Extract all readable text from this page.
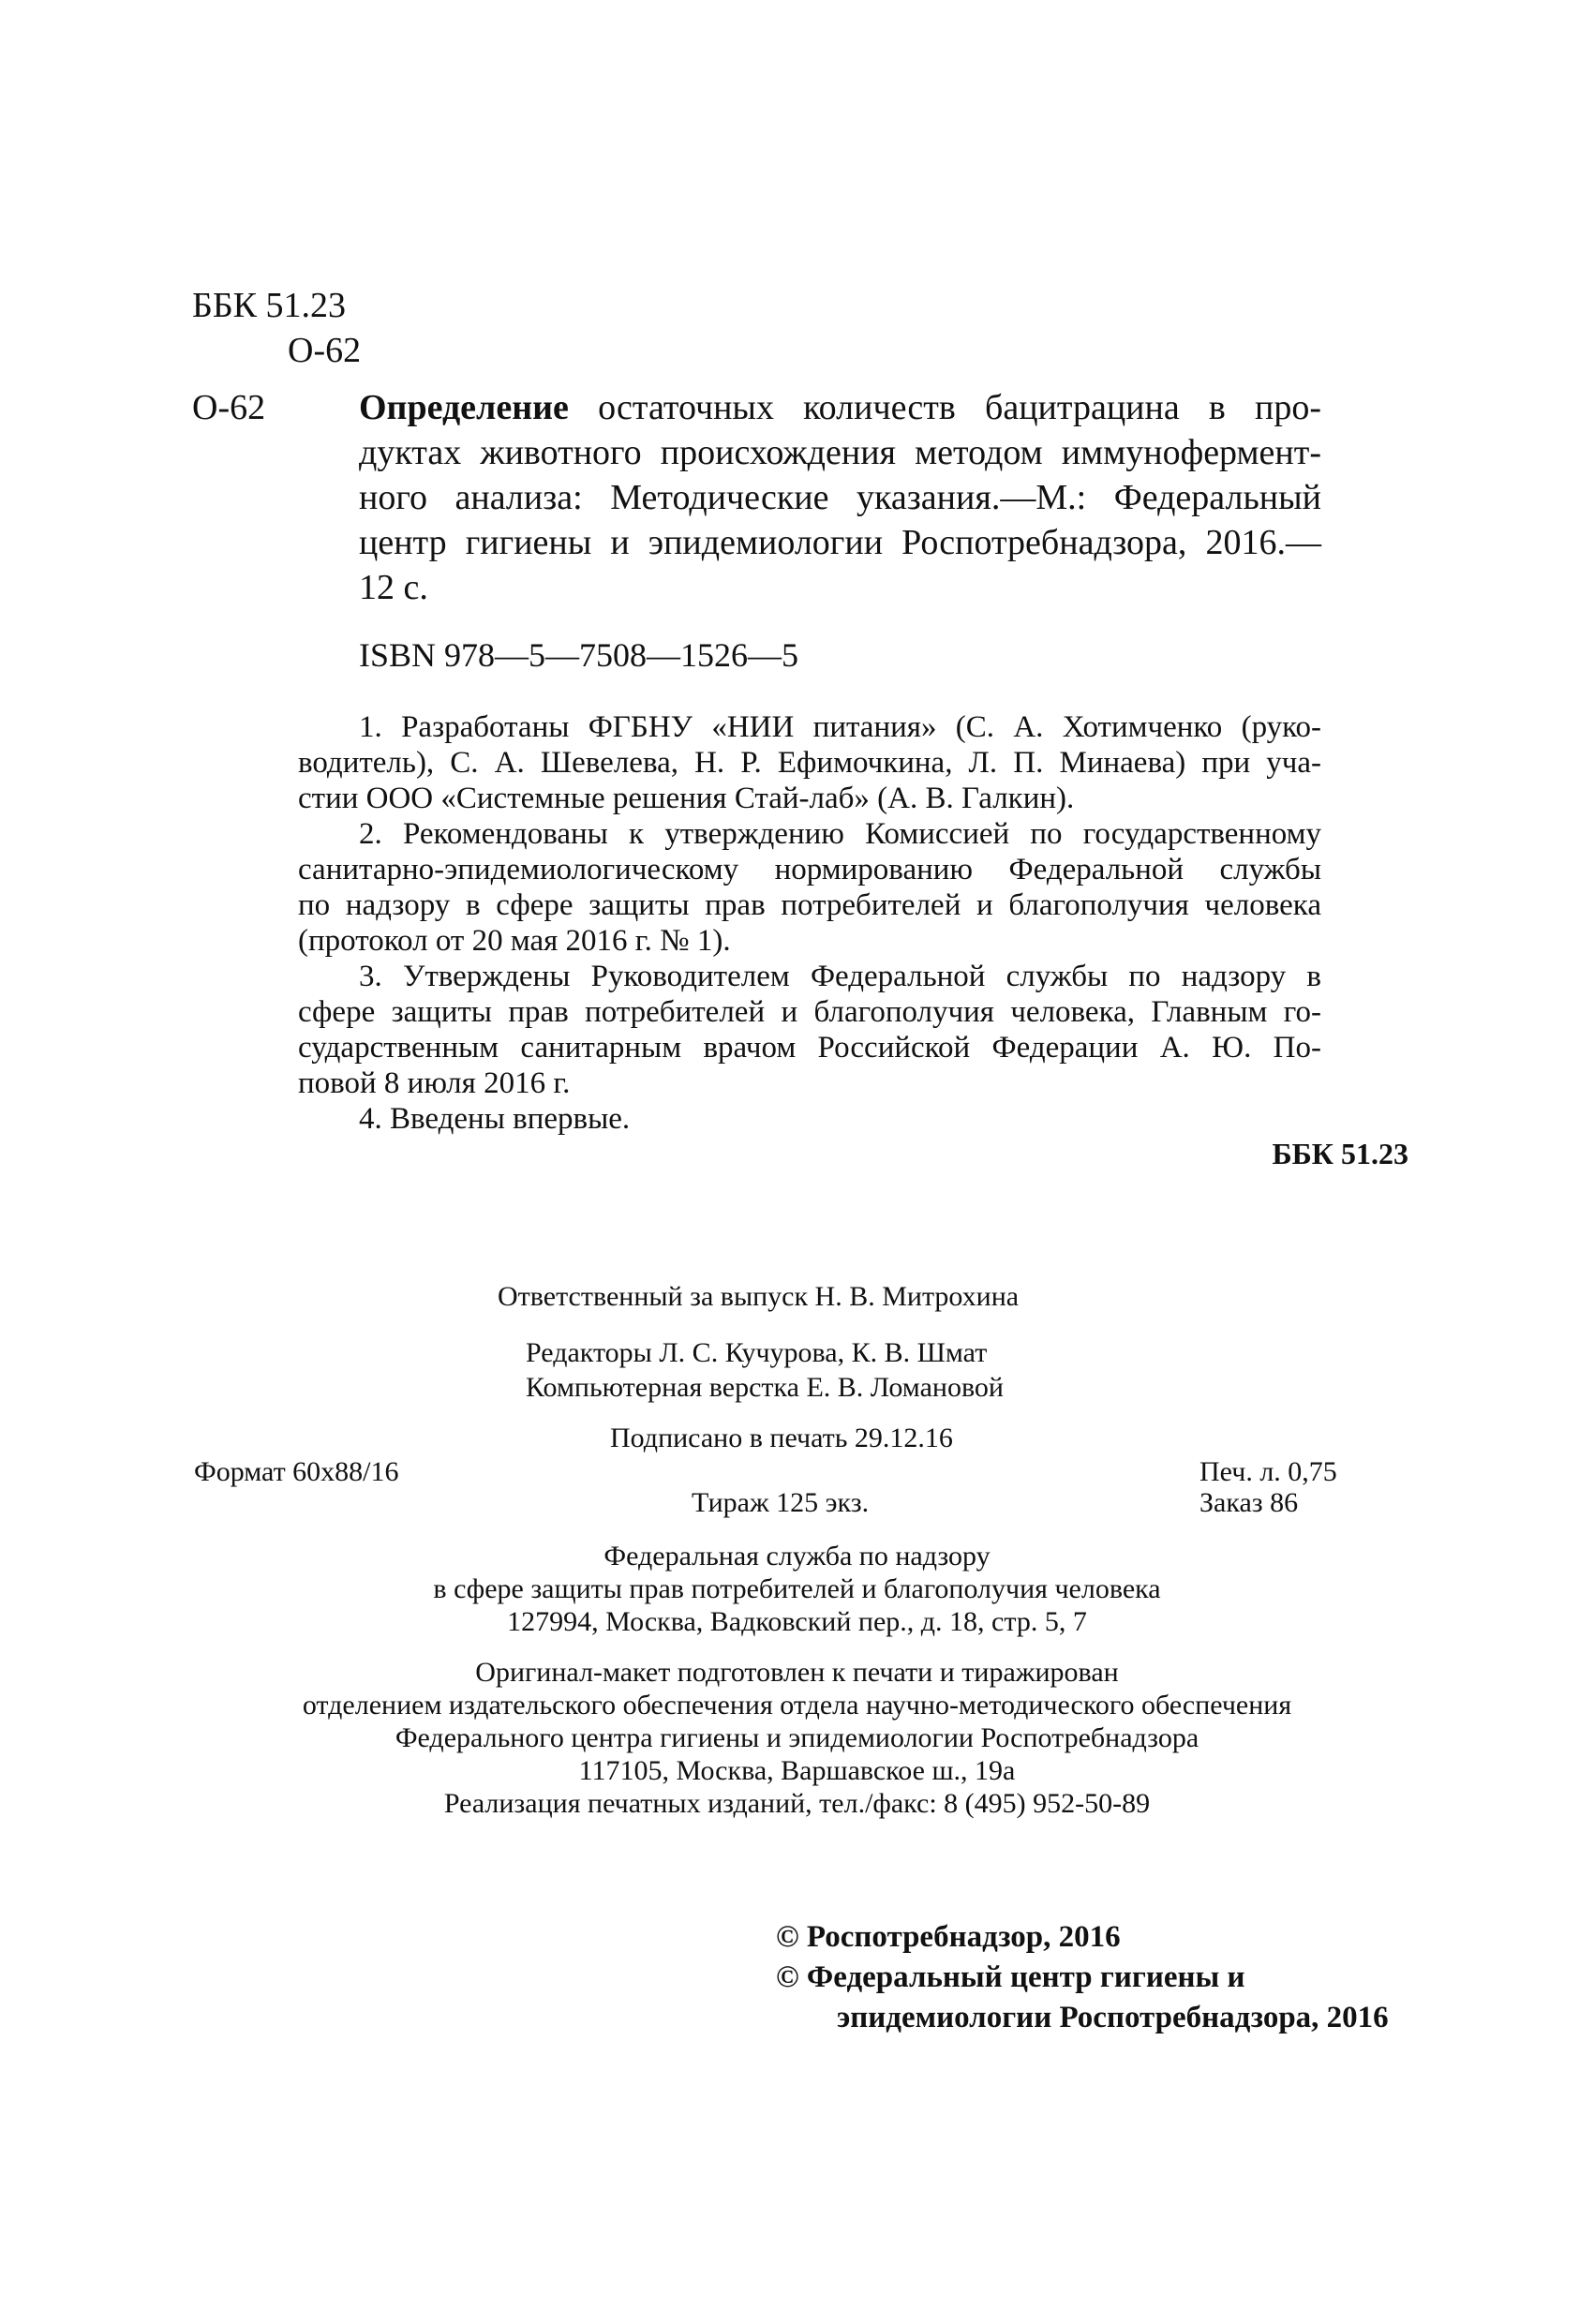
ББК 51.23
О-62
О-62	Определение остаточных количеств бацитрацина в про-
дуктах животного происхождения методом иммунофермент-
ного анализа: Методические указания.—М.: Федеральный
центр гигиены и эпидемиологии Роспотребнадзора, 2016.—
12 с.
ISBN 978—5—7508—1526—5
1. Разработаны ФГБНУ «НИИ питания» (С. А. Хотимченко (руко-
водитель), С. А. Шевелева, Н. Р. Ефимочкина, Л. П. Минаева) при уча-
стии ООО «Системные решения Стай-лаб» (А. В. Галкин).
2. Рекомендованы к утверждению Комиссией по государственному
санитарно-эпидемиологическому нормированию Федеральной службы
по надзору в сфере защиты прав потребителей и благополучия человека
(протокол от 20 мая 2016 г. № 1).
3. Утверждены Руководителем Федеральной службы по надзору в
сфере защиты прав потребителей и благополучия человека, Главным го-
сударственным санитарным врачом Российской Федерации А. Ю. По-
повой 8 июля 2016 г.
4. Введены впервые.
ББК 51.23
Ответственный за выпуск Н. В. Митрохина
Редакторы Л. С. Кучурова, К. В. Шмат
Компьютерная верстка Е. В. Ломановой
Подписано в печать 29.12.16
Формат 60х88/16	Печ. л. 0,75
Тираж 125 экз.	Заказ 86
Федеральная служба по надзору
в сфере защиты прав потребителей и благополучия человека
127994, Москва, Вадковский пер., д. 18, стр. 5, 7
Оригинал-макет подготовлен к печати и тиражирован
отделением издательского обеспечения отдела научно-методического обеспечения
Федерального центра гигиены и эпидемиологии Роспотребнадзора
117105, Москва, Варшавское ш., 19а
Реализация печатных изданий, тел./факс: 8 (495) 952-50-89
© Роспотребнадзор, 2016
© Федеральный центр гигиены и
эпидемиологии Роспотребнадзора, 2016
